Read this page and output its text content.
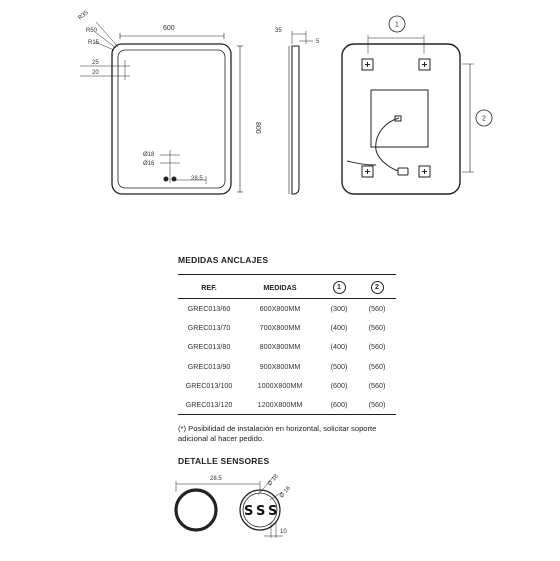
600
800
R35
R50
R15
25
20
Ø18
Ø16
28.5
35
5
1
2
28.5	Ø 18
Ø 16
10
S S S
MEDIDAS ANCLAJES
REF.	MEDIDAS	1	2
GREC013/60	600X800MM	(300)	(560)
GREC013/70	700X800MM	(400)	(560)
GREC013/80	800X800MM	(400)	(560)
GREC013/90	900X800MM	(500)	(560)
GREC013/100	1000X800MM	(600)	(560)
GREC013/120	1200X800MM	(600)	(560)
(*) Posibilidad de instalación en horizontal, solicitar soporte adicional al hacer pedido.
DETALLE SENSORES
